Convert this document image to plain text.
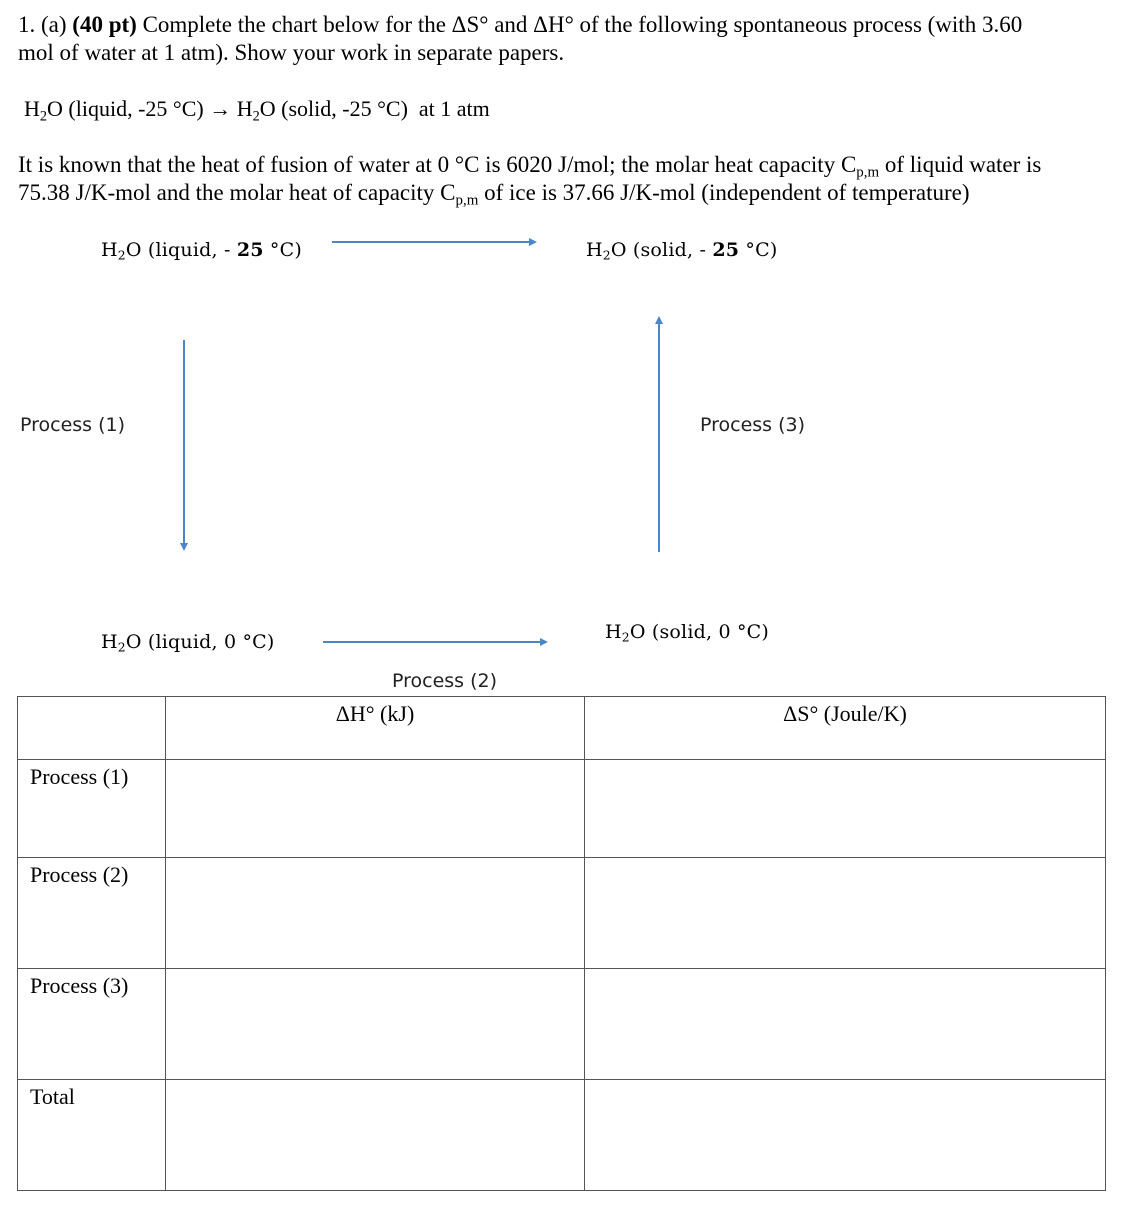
1. (a) (40 pt) Complete the chart below for the ΔS° and ΔH° of the following spontaneous process (with 3.60
mol of water at 1 atm). Show your work in separate papers.
$H_2O$ (liquid, -25 $^\circ C) \to H_2O$ (solid, -25 °C) at 1 atm
It is known that the heat of fusion of water at 0 °C is 6020 J/mol; the molar heat capacity $C_{p,m}$ of liquid water is
75.38 J/K-mol and the molar heat of capacity $C_{p,m}$ of ice is 37.66 J/K-mol (independent of temperature)
$H_2O$ (liquid, - 25 °C)	$H_2O$ (solid, - 25 °C)
$H_2O$ (liquid, 0 °C)	$H_2O$ (solid, 0 °C)
Process (1)	Process (3)
Process (2)
	ΔH° (kJ)	ΔS° (Joule/K)
Process (1)		
Process (2)		
Process (3)		
Total		
